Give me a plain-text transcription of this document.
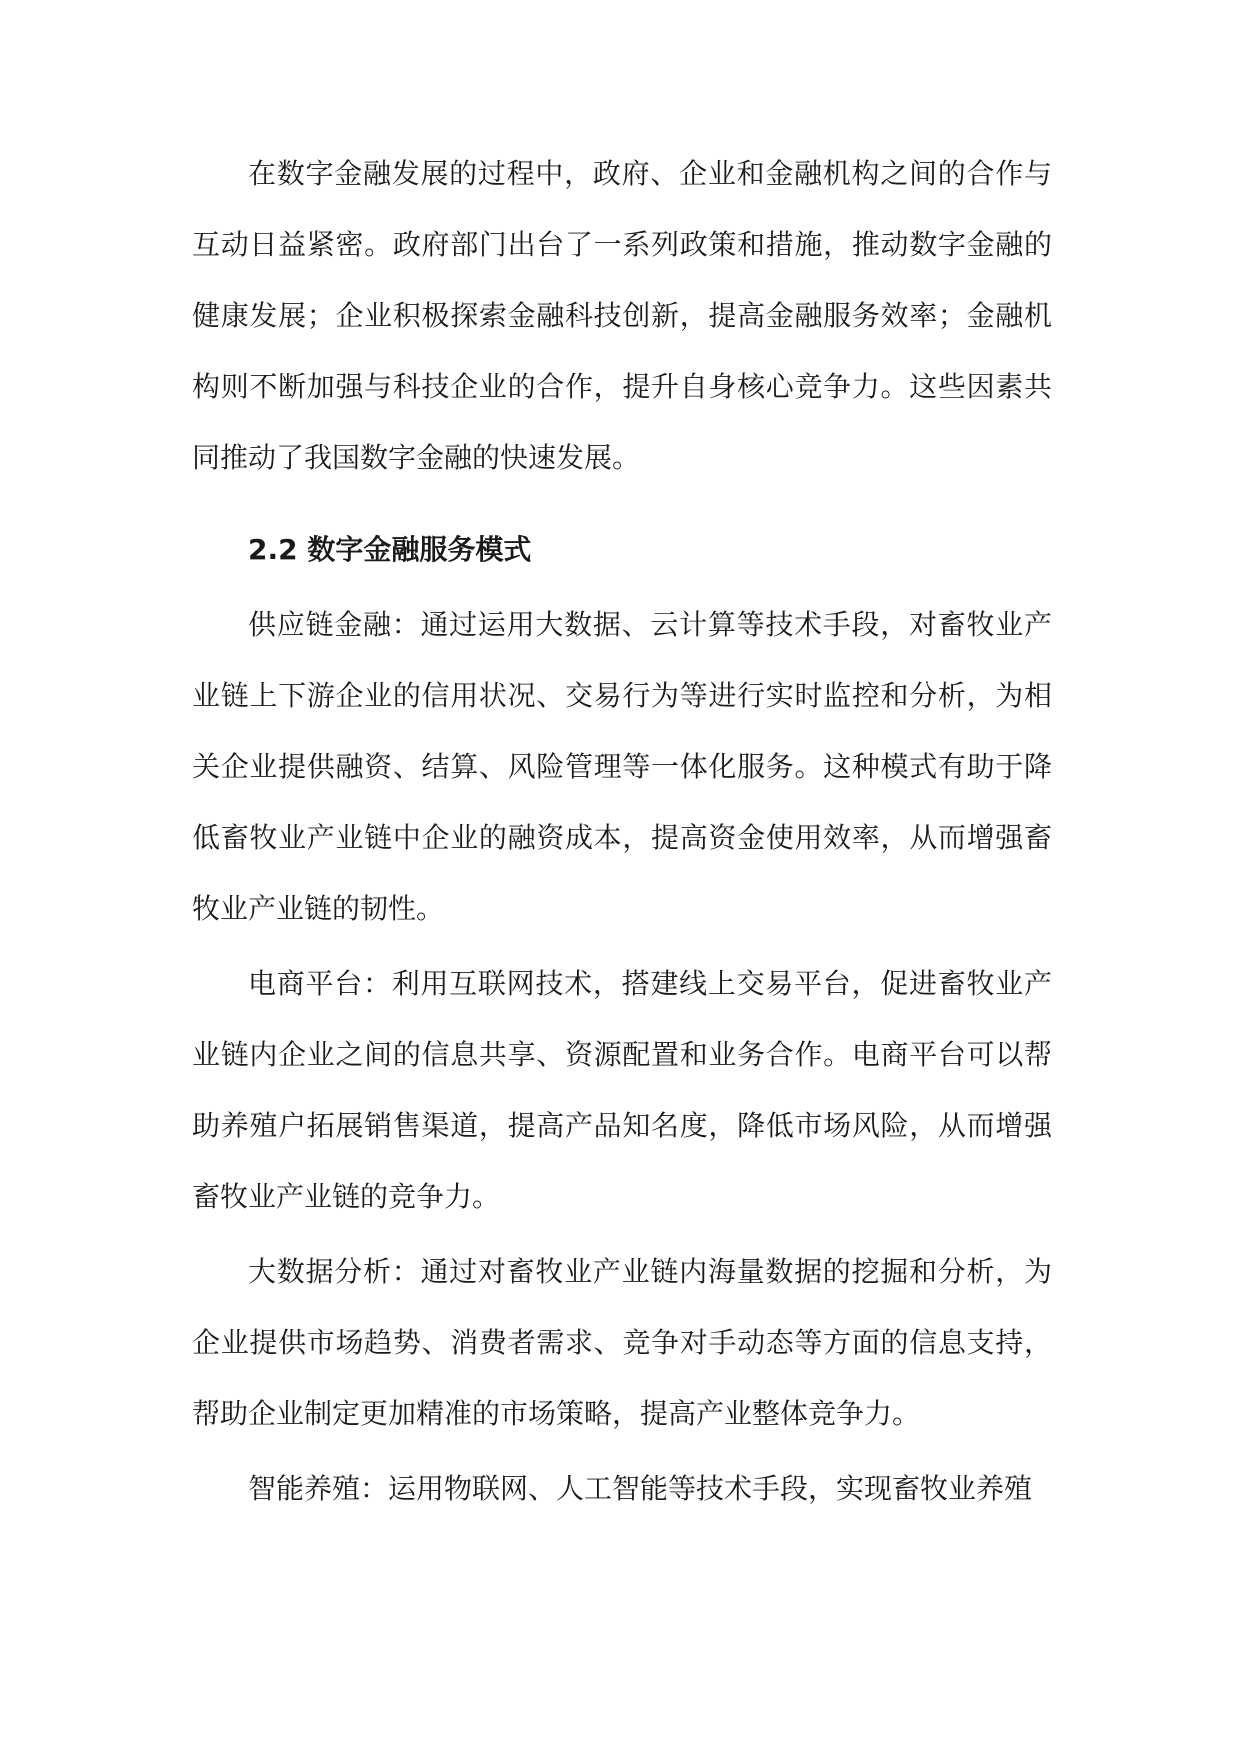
在数字金融发展的过程中，政府、企业和金融机构之间的合作与互动日益紧密。政府部门出台了一系列政策和措施，推动数字金融的健康发展；企业积极探索金融科技创新，提高金融服务效率；金融机构则不断加强与科技企业的合作，提升自身核心竞争力。这些因素共同推动了我国数字金融的快速发展。

2.2 数字金融服务模式

供应链金融：通过运用大数据、云计算等技术手段，对畜牧业产业链上下游企业的信用状况、交易行为等进行实时监控和分析，为相关企业提供融资、结算、风险管理等一体化服务。这种模式有助于降低畜牧业产业链中企业的融资成本，提高资金使用效率，从而增强畜牧业产业链的韧性。

电商平台：利用互联网技术，搭建线上交易平台，促进畜牧业产业链内企业之间的信息共享、资源配置和业务合作。电商平台可以帮助养殖户拓展销售渠道，提高产品知名度，降低市场风险，从而增强畜牧业产业链的竞争力。

大数据分析：通过对畜牧业产业链内海量数据的挖掘和分析，为企业提供市场趋势、消费者需求、竞争对手动态等方面的信息支持，帮助企业制定更加精准的市场策略，提高产业整体竞争力。

智能养殖：运用物联网、人工智能等技术手段，实现畜牧业养殖
